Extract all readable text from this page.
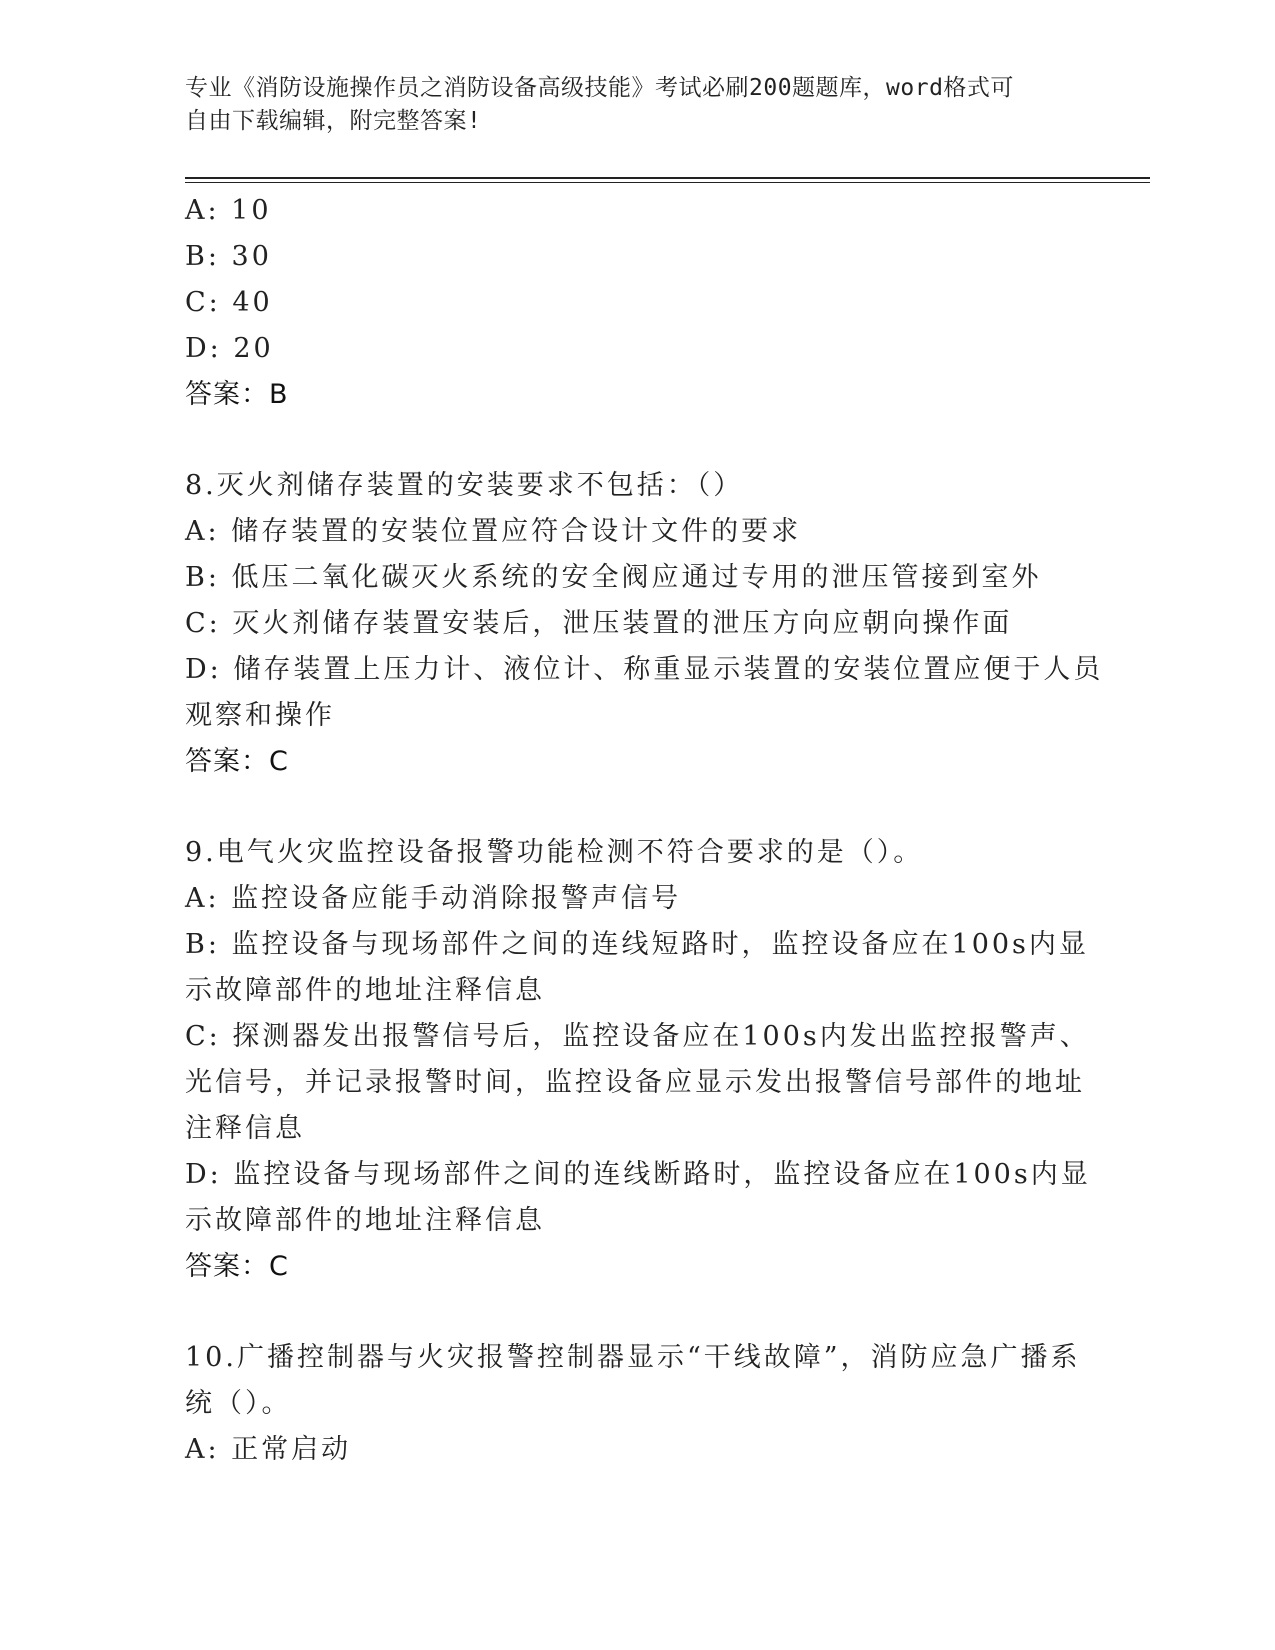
专业《消防设施操作员之消防设备高级技能》考试必刷200题题库，word格式可
自由下载编辑，附完整答案!
A: 10
B: 30
C: 40
D: 20
答案：B
8.灭火剂储存装置的安装要求不包括：（）
A: 储存装置的安装位置应符合设计文件的要求
B: 低压二氧化碳灭火系统的安全阀应通过专用的泄压管接到室外
C: 灭火剂储存装置安装后，泄压装置的泄压方向应朝向操作面
D: 储存装置上压力计、液位计、称重显示装置的安装位置应便于人员
观察和操作
答案：C
9.电气火灾监控设备报警功能检测不符合要求的是（）。
A: 监控设备应能手动消除报警声信号
B: 监控设备与现场部件之间的连线短路时，监控设备应在100s内显
示故障部件的地址注释信息
C: 探测器发出报警信号后，监控设备应在100s内发出监控报警声、
光信号，并记录报警时间，监控设备应显示发出报警信号部件的地址
注释信息
D: 监控设备与现场部件之间的连线断路时，监控设备应在100s内显
示故障部件的地址注释信息
答案：C
10.广播控制器与火灾报警控制器显示“干线故障”，消防应急广播系
统（）。
A: 正常启动
